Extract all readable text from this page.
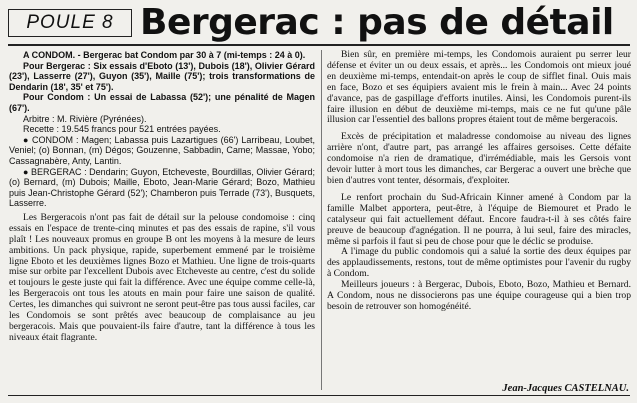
POULE 8 Bergerac : pas de détail

A CONDOM. - Bergerac bat Condom par 30 à 7 (mi-temps : 24 à 0).

Pour Bergerac : Six essais d'Eboto (13'), Dubois (18'), Olivier Gérard (23'), Lasserre (27'), Guyon (35'), Maille (75'); trois transformations de Dendarin (18', 35' et 75').

Pour Condom : Un essai de Labassa (52'); une pénalité de Magen (67').

Arbitre : M. Rivière (Pyrénées).

Recette : 19.545 francs pour 521 entrées payées.

● CONDOM : Magen; Labassa puis Lazartigues (66') Larribeau, Loubet, Veniel; (o) Bonnan, (m) Dégos; Gouzenne, Sabbadin, Came; Massae, Yobo; Cassagnabère, Anty, Lantin.

● BERGERAC : Dendarin; Guyon, Etcheveste, Bourdillas, Olivier Gérard; (o) Bernard, (m) Dubois; Maille, Eboto, Jean-Marie Gérard; Bozo, Mathieu puis Jean-Christophe Gérard (52'); Chamberon puis Terrade (73'), Busquets, Lasserre.

Les Bergeracois n'ont pas fait de détail sur la pelouse condomoise : cinq essais en l'espace de trente-cinq minutes et pas des essais de rapine, s'il vous plaît ! Les nouveaux promus en groupe B ont les moyens à la mesure de leurs ambitions. Un pack physique, rapide, superbement emmené par le troisième ligne Eboto et les deuxièmes lignes Bozo et Mathieu. Une ligne de trois-quarts mise sur orbite par l'excellent Dubois avec Etcheveste au centre, c'est du solide et toujours le geste juste qui fait la différence. Avec une équipe comme celle-là, les Bergeracois ont tous les atouts en main pour faire une saison de qualité. Certes, les dimanches qui suivront ne seront peut-être pas tous aussi faciles, car les Condomois se sont prêtés avec beaucoup de complaisance au jeu bergeracois. Mais que pouvaient-ils faire d'autre, tant la différence à tous les niveaux était flagrante.

Bien sûr, en première mi-temps, les Condomois auraient pu serrer leur défense et éviter un ou deux essais, et après... les Condomois ont mieux joué en deuxième mi-temps, entendait-on après le coup de sifflet final. Ouis mais en face, Bozo et ses équipiers avaient mis le frein à main... Avec 24 points d'avance, pas de gaspillage d'efforts inutiles. Ainsi, les Condomois purent-ils faire illusion en début de deuxième mi-temps, mais ce ne fut qu'une pâle illusion car l'essentiel des ballons propres étaient tout de même bergeracois.

Excès de précipitation et maladresse condomoise au niveau des lignes arrière n'ont, d'autre part, pas arrangé les affaires gersoises. Cette défaite condomoise n'a rien de dramatique, d'irrémédiable, mais les Gersois vont devoir lutter à mort tous les dimanches, car Bergerac a ouvert une brèche que bien d'autres vont tenter, désormais, d'exploiter.

Le renfort prochain du Sud-Africain Kinner amené à Condom par la famille Malbet apportera, peut-être, à l'équipe de Biemouret et Prado le catalyseur qui fait actuellement défaut. Encore faudra-t-il à ses côtés faire preuve de beaucoup d'agnégation. Il ne pourra, à lui seul, faire des miracles, même si parfois il faut si peu de chose pour que le déclic se produise.

A l'image du public condomois qui a salué la sortie des deux équipes par des applaudissements, restons, tout de même optimistes pour l'avenir du rugby à Condom.

Meilleurs joueurs : à Bergerac, Dubois, Eboto, Bozo, Mathieu et Bernard. A Condom, nous ne dissocierons pas une équipe courageuse qui a bien trop besoin de retrouver son homogénéité.

Jean-Jacques CASTELNAU.
